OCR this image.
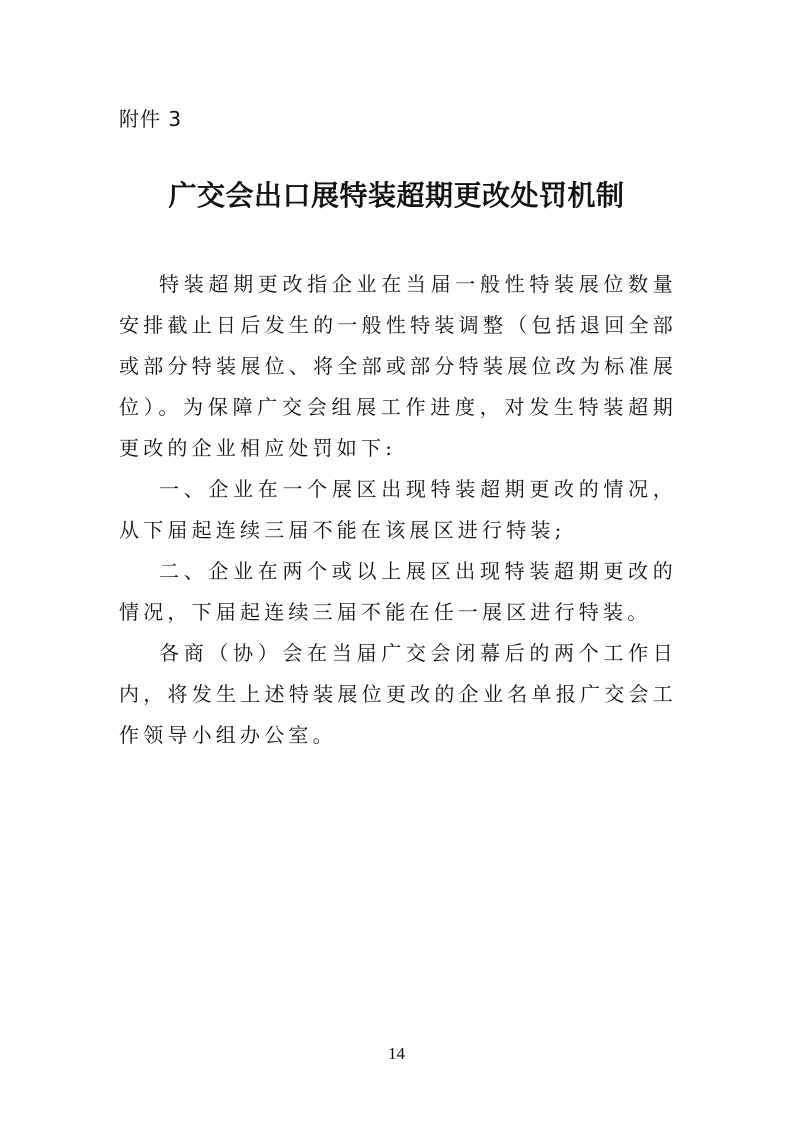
附件 3
广交会出口展特装超期更改处罚机制

特装超期更改指企业在当届一般性特装展位数量安排截止日后发生的一般性特装调整（包括退回全部或部分特装展位、将全部或部分特装展位改为标准展位）。为保障广交会组展工作进度，对发生特装超期更改的企业相应处罚如下:

一、企业在一个展区出现特装超期更改的情况，从下届起连续三届不能在该展区进行特装;

二、企业在两个或以上展区出现特装超期更改的情况，下届起连续三届不能在任一展区进行特装。

各商（协）会在当届广交会闭幕后的两个工作日内，将发生上述特装展位更改的企业名单报广交会工作领导小组办公室。

14
